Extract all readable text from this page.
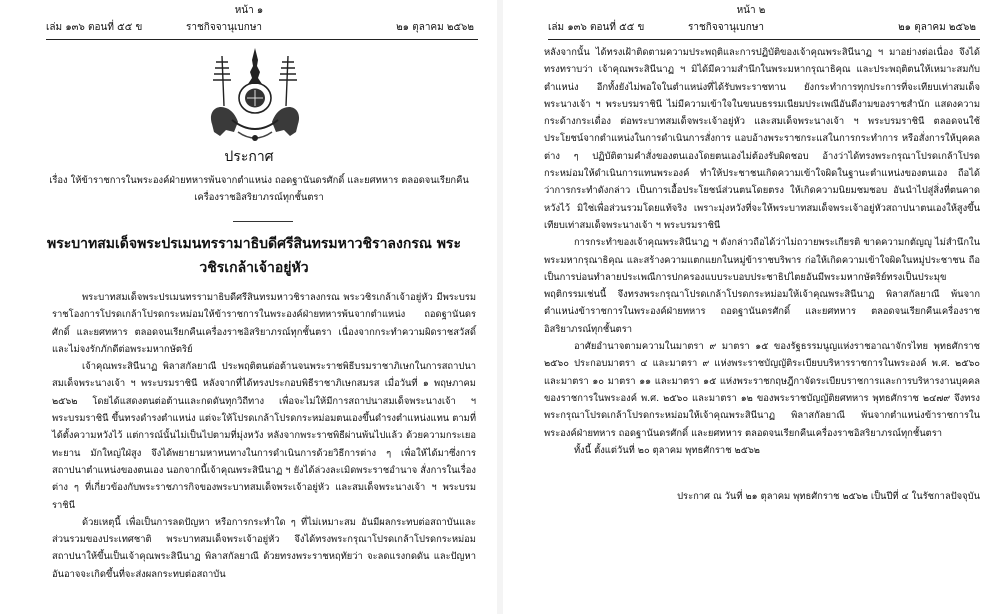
หน้า ๑
เล่ม ๑๓๖ ตอนที่ ๕๕ ข	ราชกิจจานุเบกษา	๒๑ ตุลาคม ๒๕๖๒
ประกาศ
เรื่อง ให้ข้าราชการในพระองค์ฝ่ายทหารพ้นจากตำแหน่ง ถอดฐานันดรศักดิ์ และยศทหาร ตลอดจนเรียกคืนเครื่องราชอิสริยาภรณ์ทุกชั้นตรา
พระบาทสมเด็จพระปรเมนทรรามาธิบดีศรีสินทรมหาวชิราลงกรณ พระวชิรเกล้าเจ้าอยู่หัว

พระบาทสมเด็จพระปรเมนทรรามาธิบดีศรีสินทรมหาวชิราลงกรณ พระวชิรเกล้าเจ้าอยู่หัว มีพระบรมราชโองการโปรดเกล้าโปรดกระหม่อมให้ข้าราชการในพระองค์ฝ่ายทหารพ้นจากตำแหน่ง ถอดฐานันดรศักดิ์ และยศทหาร ตลอดจนเรียกคืนเครื่องราชอิสริยาภรณ์ทุกชั้นตรา เนื่องจากกระทำความผิดราชสวัสดิ์ และไม่จงรักภักดีต่อพระมหากษัตริย์

เจ้าคุณพระสินีนาฏ พิลาสกัลยาณี ประพฤติตนต่อต้านจนพระราชพิธีบรมราชาภิเษกในการสถาปนาสมเด็จพระนางเจ้า ฯ พระบรมราชินี หลังจากที่ได้ทรงประกอบพิธีราชาภิเษกสมรส เมื่อวันที่ ๑ พฤษภาคม ๒๕๖๒ โดยได้แสดงตนต่อต้านและกดดันทุกวิถีทาง เพื่อจะไม่ให้มีการสถาปนาสมเด็จพระนางเจ้า ฯ พระบรมราชินี ขึ้นทรงดำรงตำแหน่ง แต่จะให้โปรดเกล้าโปรดกระหม่อมตนเองขึ้นดำรงตำแหน่งแทน ตามที่ได้ตั้งความหวังไว้ แต่การณ์นั้นไม่เป็นไปตามที่มุ่งหวัง หลังจากพระราชพิธีผ่านพ้นไปแล้ว ด้วยความกระเยอทะยาน มักใหญ่ใฝ่สูง จึงได้พยายามหาหนทางในการดำเนินการด้วยวิธีการต่าง ๆ เพื่อให้ได้มาซึ่งการสถาปนาตำแหน่งของตนเอง นอกจากนี้เจ้าคุณพระสินีนาฏ ฯ ยังได้ล่วงละเมิดพระราชอำนาจ สั่งการในเรื่องต่าง ๆ ที่เกี่ยวข้องกับพระราชภารกิจของพระบาทสมเด็จพระเจ้าอยู่หัว และสมเด็จพระนางเจ้า ฯ พระบรมราชินี

ด้วยเหตุนี้ เพื่อเป็นการลดปัญหา หรือการกระทำใด ๆ ที่ไม่เหมาะสม อันมีผลกระทบต่อสถาบันและส่วนรวมของประเทศชาติ พระบาทสมเด็จพระเจ้าอยู่หัว จึงได้ทรงพระกรุณาโปรดเกล้าโปรดกระหม่อมสถาปนาให้ขึ้นเป็นเจ้าคุณพระสินีนาฏ พิลาสกัลยาณี ด้วยทรงพระราชหฤทัยว่า จะลดแรงกดดัน และปัญหาอันอาจจะเกิดขึ้นที่จะส่งผลกระทบต่อสถาบัน

หน้า ๒
เล่ม ๑๓๖ ตอนที่ ๕๕ ข	ราชกิจจานุเบกษา	๒๑ ตุลาคม ๒๕๖๒

หลังจากนั้น ได้ทรงเฝ้าติดตามความประพฤติและการปฏิบัติของเจ้าคุณพระสินีนาฏ ฯ มาอย่างต่อเนื่อง จึงได้ทรงทราบว่า เจ้าคุณพระสินีนาฏ ฯ มิได้มีความสำนึกในพระมหากรุณาธิคุณ และประพฤติตนให้เหมาะสมกับตำแหน่ง อีกทั้งยังไม่พอใจในตำแหน่งที่ได้รับพระราชทาน ยังกระทำการทุกประการที่จะเทียบเท่าสมเด็จพระนางเจ้า ฯ พระบรมราชินี ไม่มีความเข้าใจในขนบธรรมเนียมประเพณีอันดีงามของราชสำนัก แสดงความกระด้างกระเดื่อง ต่อพระบาทสมเด็จพระเจ้าอยู่หัว และสมเด็จพระนางเจ้า ฯ พระบรมราชินี ตลอดจนใช้ประโยชน์จากตำแหน่งในการดำเนินการสั่งการ แอบอ้างพระราชกระแสในการกระทำการ หรือสั่งการให้บุคคลต่าง ๆ ปฏิบัติตามคำสั่งของตนเองโดยตนเองไม่ต้องรับผิดชอบ อ้างว่าได้ทรงพระกรุณาโปรดเกล้าโปรดกระหม่อมให้ดำเนินการแทนพระองค์ ทำให้ประชาชนเกิดความเข้าใจผิดในฐานะตำแหน่งของตนเอง ถือได้ว่าการกระทำดังกล่าว เป็นการเอื้อประโยชน์ส่วนตนโดยตรง ให้เกิดความนิยมชมชอบ อันนำไปสู่สิ่งที่ตนคาดหวังไว้ มิใช่เพื่อส่วนรวมโดยแท้จริง เพราะมุ่งหวังที่จะให้พระบาทสมเด็จพระเจ้าอยู่หัวสถาปนาตนเองให้สูงขึ้น เทียบเท่าสมเด็จพระนางเจ้า ฯ พระบรมราชินี

การกระทำของเจ้าคุณพระสินีนาฏ ฯ ดังกล่าวถือได้ว่าไม่ถวายพระเกียรติ ขาดความกตัญญู ไม่สำนึกในพระมหากรุณาธิคุณ และสร้างความแตกแยกในหมู่ข้าราชบริพาร ก่อให้เกิดความเข้าใจผิดในหมู่ประชาชน ถือเป็นการบ่อนทำลายประเพณีการปกครองแบบระบอบประชาธิปไตยอันมีพระมหากษัตริย์ทรงเป็นประมุข พฤติกรรมเช่นนี้ จึงทรงพระกรุณาโปรดเกล้าโปรดกระหม่อมให้เจ้าคุณพระสินีนาฏ พิลาสกัลยาณี พ้นจากตำแหน่งข้าราชการในพระองค์ฝ่ายทหาร ถอดฐานันดรศักดิ์ และยศทหาร ตลอดจนเรียกคืนเครื่องราชอิสริยาภรณ์ทุกชั้นตรา

อาศัยอำนาจตามความในมาตรา ๙ มาตรา ๑๕ ของรัฐธรรมนูญแห่งราชอาณาจักรไทย พุทธศักราช ๒๕๖๐ ประกอบมาตรา ๔ และมาตรา ๙ แห่งพระราชบัญญัติระเบียบบริหารราชการในพระองค์ พ.ศ. ๒๕๖๐ และมาตรา ๑๐ มาตรา ๑๑ และมาตรา ๑๕ แห่งพระราชกฤษฎีกาจัดระเบียบราชการและการบริหารงานบุคคลของราชการในพระองค์ พ.ศ. ๒๕๖๐ และมาตรา ๑๒ ของพระราชบัญญัติยศทหาร พุทธศักราช ๒๔๗๙ จึงทรงพระกรุณาโปรดเกล้าโปรดกระหม่อมให้เจ้าคุณพระสินีนาฏ พิลาสกัลยาณี พ้นจากตำแหน่งข้าราชการในพระองค์ฝ่ายทหาร ถอดฐานันดรศักดิ์ และยศทหาร ตลอดจนเรียกคืนเครื่องราชอิสริยาภรณ์ทุกชั้นตรา

ทั้งนี้ ตั้งแต่วันที่ ๒๐ ตุลาคม พุทธศักราช ๒๕๖๒

ประกาศ ณ วันที่ ๒๑ ตุลาคม พุทธศักราช ๒๕๖๒ เป็นปีที่ ๔ ในรัชกาลปัจจุบัน
